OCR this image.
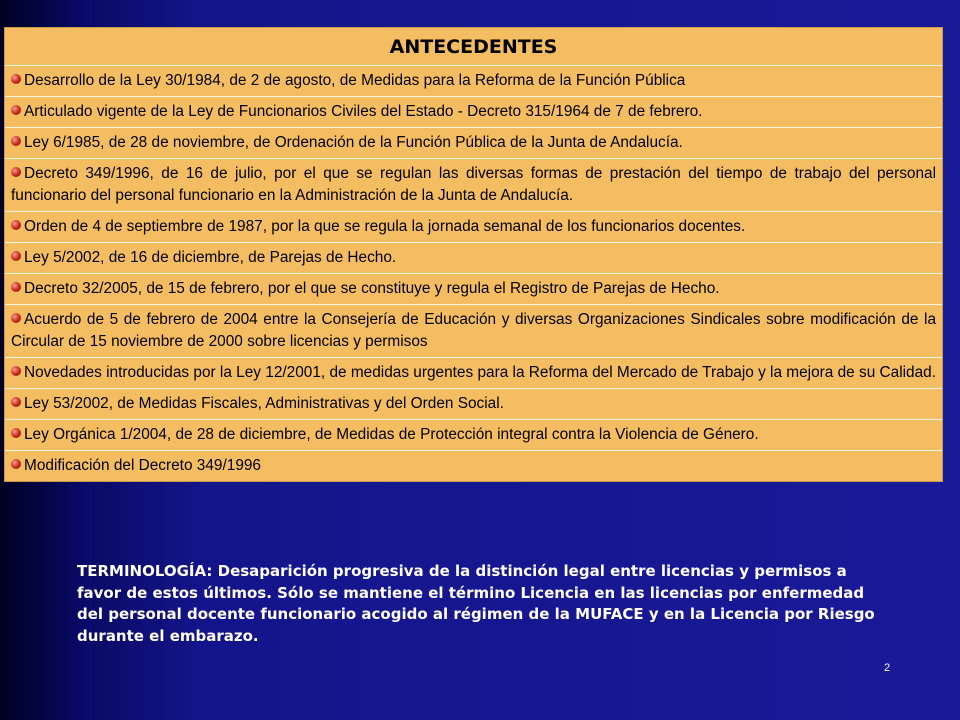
ANTECEDENTES
Desarrollo de la Ley 30/1984, de 2 de agosto, de Medidas para la Reforma de la Función Pública
Articulado vigente de la Ley de Funcionarios Civiles del Estado - Decreto 315/1964 de 7 de febrero.
Ley 6/1985, de 28 de noviembre, de Ordenación de la Función Pública de la Junta de Andalucía.
Decreto 349/1996, de 16 de julio, por el que se regulan las diversas formas de prestación del tiempo de trabajo del personal funcionario del personal funcionario en la Administración de la Junta de Andalucía.
Orden de 4 de septiembre de 1987, por la que se regula la jornada semanal de los funcionarios docentes.
Ley 5/2002, de 16 de diciembre, de Parejas de Hecho.
Decreto 32/2005, de 15 de febrero, por el que se constituye y regula el Registro de Parejas de Hecho.
Acuerdo de 5 de febrero de 2004 entre la Consejería de Educación y diversas Organizaciones Sindicales sobre modificación de la Circular de 15 noviembre de 2000 sobre licencias y permisos
Novedades introducidas por la Ley 12/2001, de medidas urgentes para la Reforma del Mercado de Trabajo y la mejora de su Calidad.
Ley 53/2002, de Medidas Fiscales, Administrativas y del Orden Social.
Ley Orgánica 1/2004, de 28 de diciembre, de Medidas de Protección integral contra la Violencia de Género.
Modificación del Decreto 349/1996
TERMINOLOGÍA: Desaparición progresiva de la distinción legal entre licencias y permisos a favor de estos últimos. Sólo se mantiene el término Licencia en las licencias por enfermedad del personal docente funcionario acogido al régimen de la MUFACE y en la Licencia por Riesgo durante el embarazo.
2
